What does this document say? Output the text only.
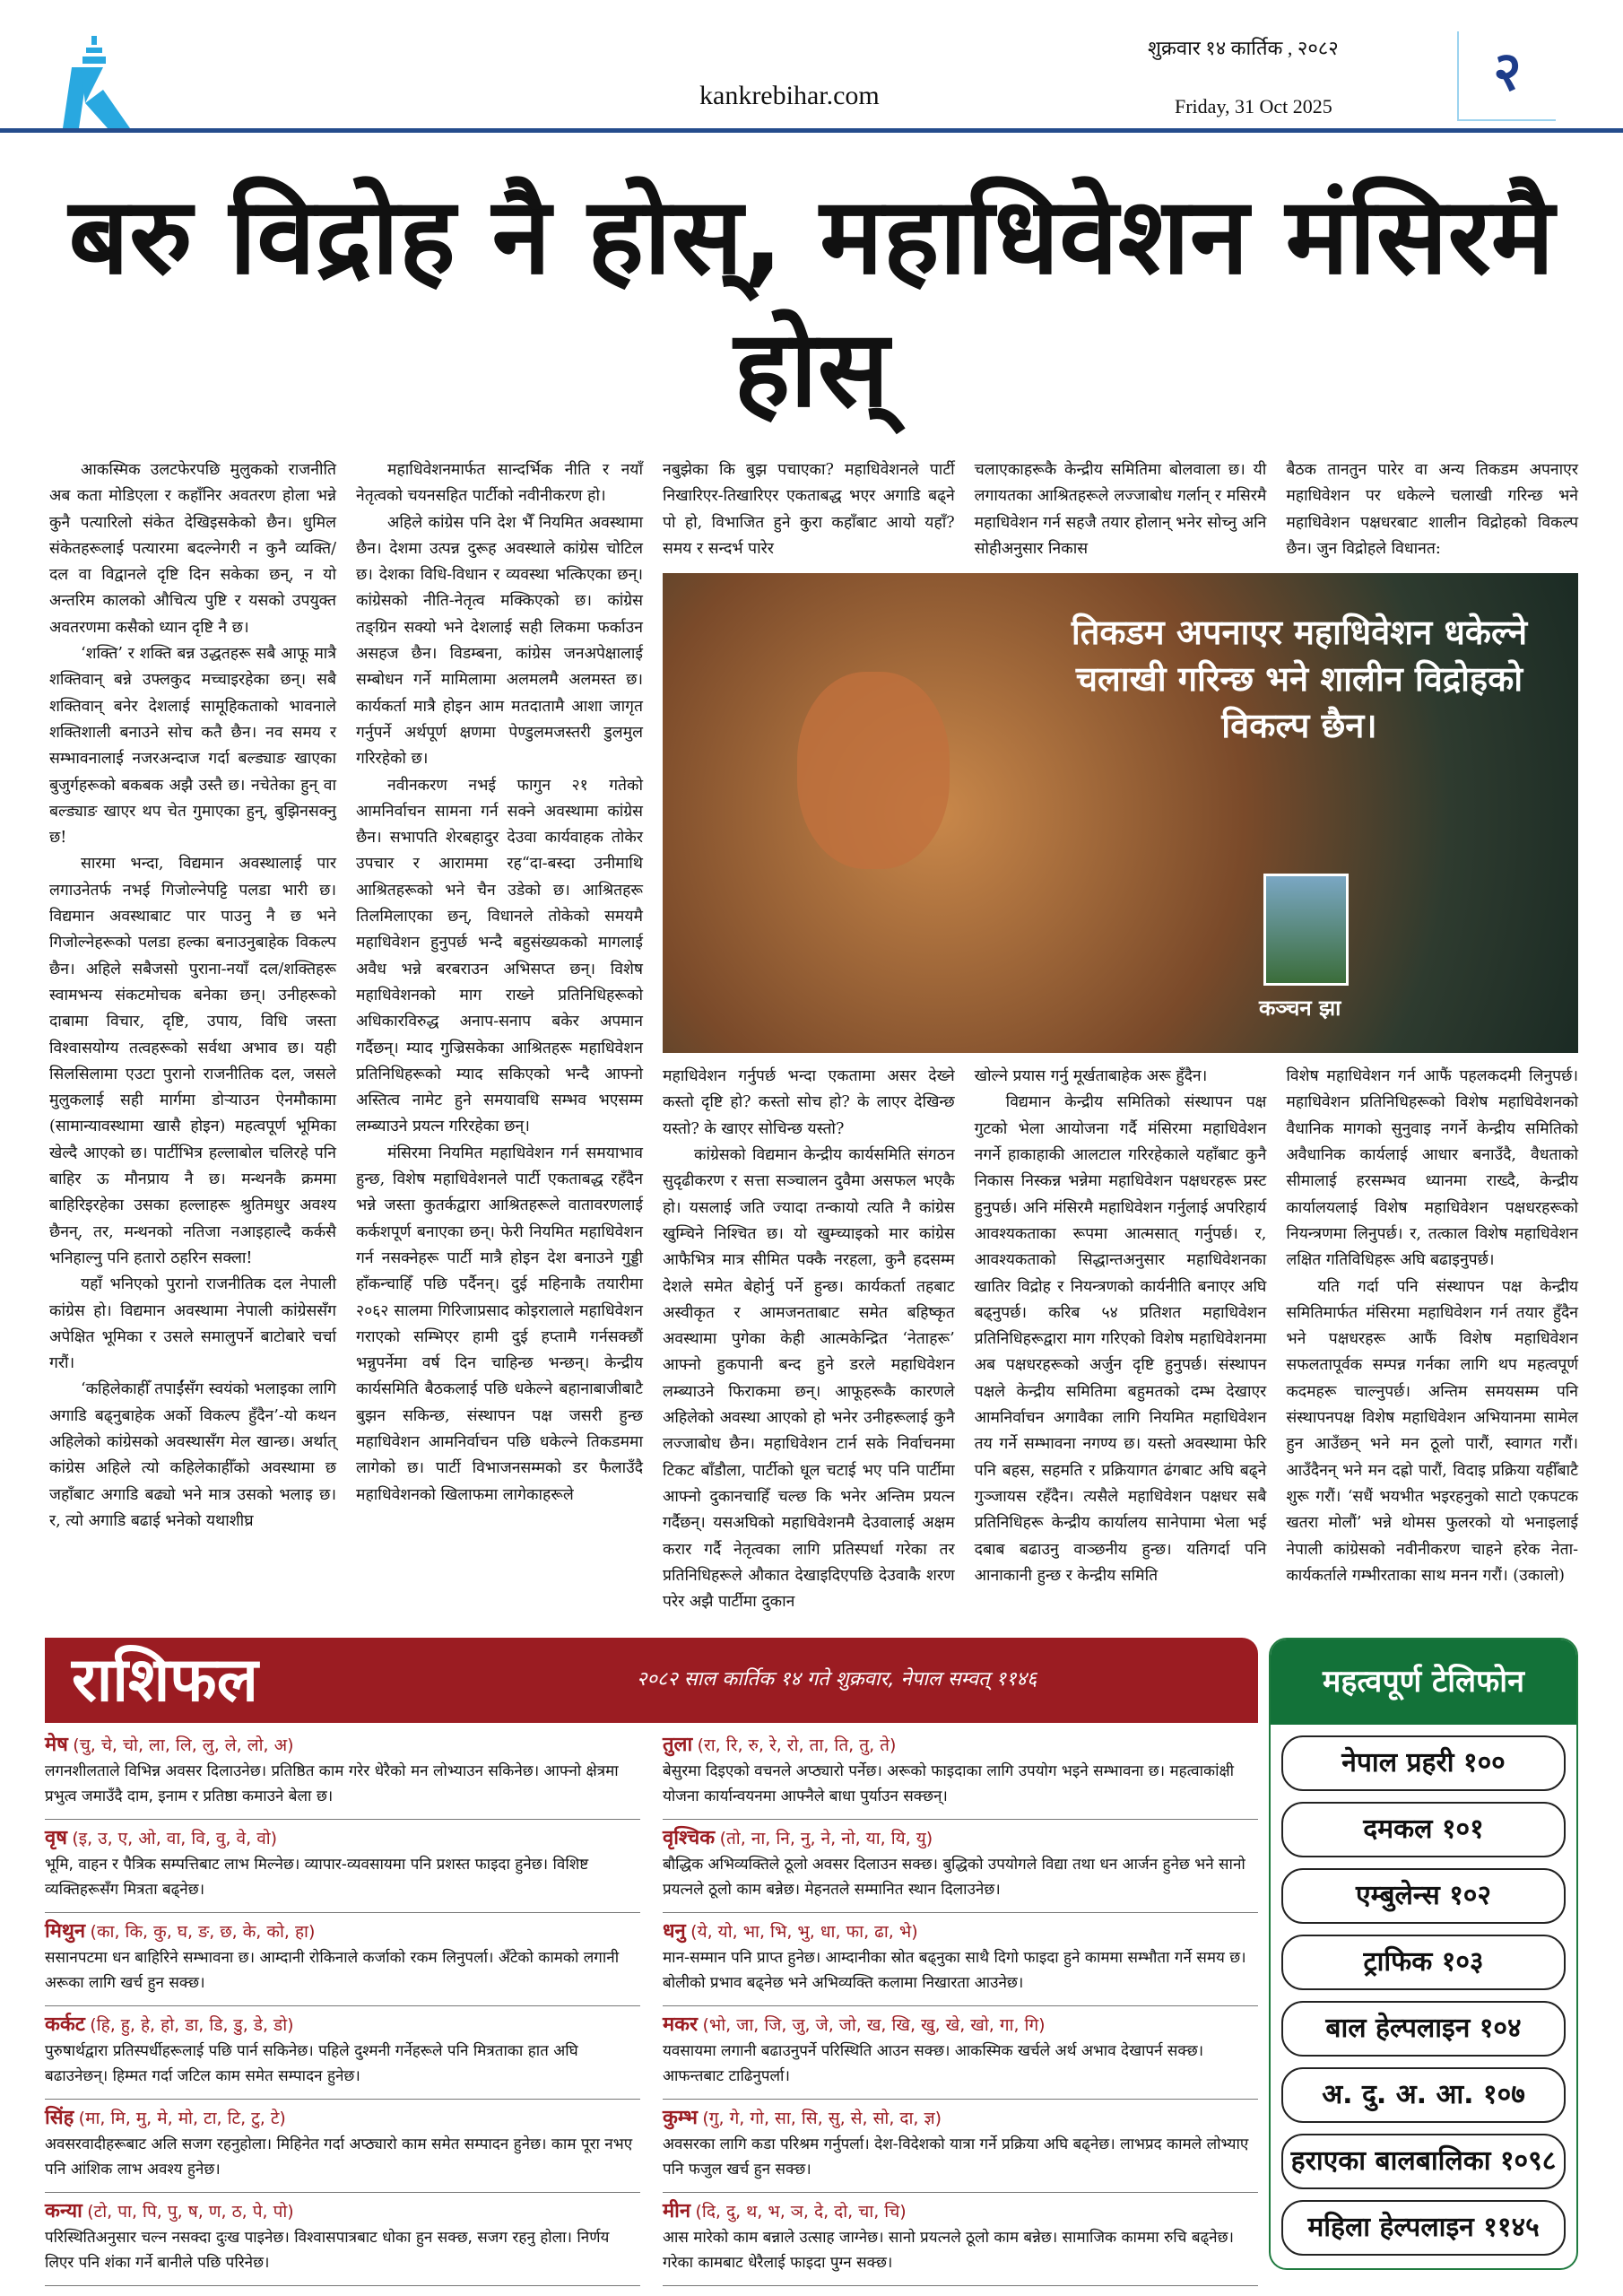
kankrebihar.com
शुक्रवार १४ कार्तिक , २०८२
Friday, 31 Oct 2025
२
बरु विद्रोह नै होस्, महाधिवेशन मंसिरमै होस्

आकस्मिक उलटफेरपछि मुलुकको राजनीति अब कता मोडिएला र कहाँनिर अवतरण होला भन्ने कुनै पत्यारिलो संकेत देखिइसकेको छैन। धुमिल संकेतहरूलाई पत्यारमा बदल्नेगरी न कुनै व्यक्ति/दल वा विद्वानले दृष्टि दिन सकेका छन्, न यो अन्तरिम कालको औचित्य पुष्टि र यसको उपयुक्त अवतरणमा कसैको ध्यान दृष्टि नै छ।

‘शक्ति’ र शक्ति बन्न उद्धतहरू सबै आफू मात्रै शक्तिवान् बन्ने उफ्लकुद मच्चाइरहेका छन्। सबै शक्तिवान् बनेर देशलाई सामूहिकताको भावनाले शक्तिशाली बनाउने सोच कतै छैन। नव समय र सम्भावनालाई नजरअन्दाज गर्दा बल्ड्याङ खाएका बुजुर्गहरूको बकबक अझै उस्तै छ। नचेतेका हुन् वा बल्ड्याङ खाएर थप चेत गुमाएका हुन्, बुझिनसक्नु छ!

सारमा भन्दा, विद्यमान अवस्थालाई पार लगाउनेतर्फ नभई गिजोल्नेपट्टि पलडा भारी छ। विद्यमान अवस्थाबाट पार पाउनु नै छ भने गिजोल्नेहरूको पलडा हल्का बनाउनुबाहेक विकल्प छैन। अहिले सबैजसो पुराना-नयाँ दल/शक्तिहरू स्वामभन्य संकटमोचक बनेका छन्। उनीहरूको दाबामा विचार, दृष्टि, उपाय, विधि जस्ता विश्वासयोग्य तत्वहरूको सर्वथा अभाव छ। यही सिलसिलामा एउटा पुरानो राजनीतिक दल, जसले मुलुकलाई सही मार्गमा डोऱ्याउन ऐनमौकामा (सामान्यावस्थामा खासै होइन) महत्वपूर्ण भूमिका खेल्दै आएको छ। पार्टीभित्र हल्लाबोल चलिरहे पनि बाहिर ऊ मौनप्राय नै छ। मन्थनकै क्रममा बाहिरिइरहेका उसका हल्लाहरू श्रुतिमधुर अवश्य छैनन्, तर, मन्थनको नतिजा नआइहाल्दै कर्कसै भनिहाल्नु पनि हतारो ठहरिन सक्ला!

यहाँ भनिएको पुरानो राजनीतिक दल नेपाली कांग्रेस हो। विद्यमान अवस्थामा नेपाली कांग्रेससँग अपेक्षित भूमिका र उसले समालुपर्ने बाटोबारे चर्चा गरौं।

‘कहिलेकाहीँ तपाईंसँग स्वयंको भलाइका लागि अगाडि बढ्नुबाहेक अर्को विकल्प हुँदैन’-यो कथन अहिलेको कांग्रेसको अवस्थासँग मेल खान्छ। अर्थात् कांग्रेस अहिले त्यो कहिलेकाहीँको अवस्थामा छ जहाँबाट अगाडि बढ्यो भने मात्र उसको भलाइ छ। र, त्यो अगाडि बढाई भनेको यथाशीघ्र

महाधिवेशनमार्फत सान्दर्भिक नीति र नयाँ नेतृत्वको चयनसहित पार्टीको नवीनीकरण हो।

अहिले कांग्रेस पनि देश भैँ नियमित अवस्थामा छैन। देशमा उत्पन्न दुरूह अवस्थाले कांग्रेस चोटिल छ। देशका विधि-विधान र व्यवस्था भत्किएका छन्। कांग्रेसको नीति-नेतृत्व मक्किएको छ। कांग्रेस तङ्ग्रिन सक्यो भने देशलाई सही लिकमा फर्काउन असहज छैन। विडम्बना, कांग्रेस जनअपेक्षालाई सम्बोधन गर्ने मामिलामा अलमलमै अलमस्त छ। कार्यकर्ता मात्रै होइन आम मतदातामै आशा जागृत गर्नुपर्ने अर्थपूर्ण क्षणमा पेण्डुलमजस्तरी डुलमुल गरिरहेको छ।

नवीनकरण नभई फागुन २१ गतेको आमनिर्वाचन सामना गर्न सक्ने अवस्थामा कांग्रेस छैन। सभापति शेरबहादुर देउवा कार्यवाहक तोकेर उपचार र आराममा रह“दा-बस्दा उनीमाथि आश्रितहरूको भने चैन उडेको छ। आश्रितहरू तिलमिलाएका छन्, विधानले तोकेको समयमै महाधिवेशन हुनुपर्छ भन्दै बहुसंख्यकको मागलाई अवैध भन्ने बरबराउन अभिसप्त छन्। विशेष महाधिवेशनको माग राख्ने प्रतिनिधिहरूको अधिकारविरुद्ध अनाप-सनाप बकेर अपमान गर्दैछन्। म्याद गुज्रिसकेका आश्रितहरू महाधिवेशन प्रतिनिधिहरूको म्याद सकिएको भन्दै आफ्नो अस्तित्व नामेट हुने समयावधि सम्भव भएसम्म लम्ब्याउने प्रयत्न गरिरहेका छन्।

मंसिरमा नियमित महाधिवेशन गर्न समयाभाव हुन्छ, विशेष महाधिवेशनले पार्टी एकताबद्ध रहँदैन भन्ने जस्ता कुतर्कद्वारा आश्रितहरूले वातावरणलाई कर्कशपूर्ण बनाएका छन्। फेरी नियमित महाधिवेशन गर्न नसक्नेहरू पार्टी मात्रै होइन देश बनाउने गुड्डी हाँकन्चाहिँ पछि पर्दैनन्। दुई महिनाकै तयारीमा २०६२ सालमा गिरिजाप्रसाद कोइरालाले महाधिवेशन गराएको सम्भिएर हामी दुई हप्तामै गर्नसक्छौं भन्नुपर्नेमा वर्ष दिन चाहिन्छ भन्छन्। केन्द्रीय कार्यसमिति बैठकलाई पछि धकेल्ने बहानाबाजीबाटै बुझन सकिन्छ, संस्थापन पक्ष जसरी हुन्छ महाधिवेशन आमनिर्वाचन पछि धकेल्ने तिकडममा लागेको छ। पार्टी विभाजनसम्मको डर फैलाउँदै महाधिवेशनको खिलाफमा लागेकाहरूले

नबुझेका कि बुझ पचाएका? महाधिवेशनले पार्टी निखारिएर-तिखारिएर एकताबद्ध भएर अगाडि बढ्ने पो हो, विभाजित हुने कुरा कहाँबाट आयो यहाँ? समय र सन्दर्भ पारेर

चलाएकाहरूकै केन्द्रीय समितिमा बोलवाला छ। यी लगायतका आश्रितहरूले लज्जाबोध गर्लान् र मसिरमै महाधिवेशन गर्न सहजै तयार होलान् भनेर सोच्नु अनि सोहीअनुसार निकास

बैठक तानतुन पारेर वा अन्य तिकडम अपनाएर महाधिवेशन पर धकेल्ने चलाखी गरिन्छ भने महाधिवेशन पक्षधरबाट शालीन विद्रोहको विकल्प छैन। जुन विद्रोहले विधानत:

तिकडम अपनाएर महाधिवेशन धकेल्ने चलाखी गरिन्छ भने शालीन विद्रोहको विकल्प छैन।
कञ्चन झा

महाधिवेशन गर्नुपर्छ भन्दा एकतामा असर देख्ने कस्तो दृष्टि हो? कस्तो सोच हो? के लाएर देखिन्छ यस्तो? के खाएर सोचिन्छ यस्तो?

कांग्रेसको विद्यमान केन्द्रीय कार्यसमिति संगठन सुदृढीकरण र सत्ता सञ्चालन दुवैमा असफल भएकै हो। यसलाई जति ज्यादा तन्कायो त्यति नै कांग्रेस खुम्चिने निश्चित छ। यो खुम्च्याइको मार कांग्रेस आफैभित्र मात्र सीमित पक्कै नरहला, कुनै हदसम्म देशले समेत बेहोर्नु पर्ने हुन्छ। कार्यकर्ता तहबाट अस्वीकृत र आमजनताबाट समेत बहिष्कृत अवस्थामा पुगेका केही आत्मकेन्द्रित ‘नेताहरू’ आफ्नो हुकपानी बन्द हुने डरले महाधिवेशन लम्ब्याउने फिराकमा छन्। आफूहरूकै कारणले अहिलेको अवस्था आएको हो भनेर उनीहरूलाई कुनै लज्जाबोध छैन। महाधिवेशन टार्न सके निर्वाचनमा टिकट बाँडौला, पार्टीको धूल चटाई भए पनि पार्टीमा आफ्नो दुकानचाहिँ चल्छ कि भनेर अन्तिम प्रयत्न गर्दैछन्। यसअघिको महाधिवेशनमै देउवालाई अक्षम करार गर्दै नेतृत्वका लागि प्रतिस्पर्धा गरेका तर प्रतिनिधिहरूले औकात देखाइदिएपछि देउवाकै शरण परेर अझै पार्टीमा दुकान

खोल्ने प्रयास गर्नु मूर्खताबाहेक अरू हुँदैन।

विद्यमान केन्द्रीय समितिको संस्थापन पक्ष गुटको भेला आयोजना गर्दै मंसिरमा महाधिवेशन नगर्ने हाकाहाकी आलटाल गरिरहेकाले यहाँबाट कुनै निकास निस्कन्न भन्नेमा महाधिवेशन पक्षधरहरू प्रस्ट हुनुपर्छ। अनि मंसिरमै महाधिवेशन गर्नुलाई अपरिहार्य आवश्यकताका रूपमा आत्मसात् गर्नुपर्छ। र, आवश्यकताको सिद्धान्तअनुसार महाधिवेशनका खातिर विद्रोह र नियन्त्रणको कार्यनीति बनाएर अघि बढ्नुपर्छ। करिब ५४ प्रतिशत महाधिवेशन प्रतिनिधिहरूद्वारा माग गरिएको विशेष महाधिवेशनमा अब पक्षधरहरूको अर्जुन दृष्टि हुनुपर्छ। संस्थापन पक्षले केन्द्रीय समितिमा बहुमतको दम्भ देखाएर आमनिर्वाचन अगावैका लागि नियमित महाधिवेशन तय गर्ने सम्भावना नगण्य छ। यस्तो अवस्थामा फेरि पनि बहस, सहमति र प्रक्रियागत ढंगबाट अघि बढ्ने गुञ्जायस रहँदैन। त्यसैले महाधिवेशन पक्षधर सबै प्रतिनिधिहरू केन्द्रीय कार्यालय सानेपामा भेला भई दबाब बढाउनु वाञ्छनीय हुन्छ। यतिगर्दा पनि आनाकानी हुन्छ र केन्द्रीय समिति

विशेष महाधिवेशन गर्न आफैं पहलकदमी लिनुपर्छ। महाधिवेशन प्रतिनिधिहरूको विशेष महाधिवेशनको वैधानिक मागको सुनुवाइ नगर्ने केन्द्रीय समितिको अवैधानिक कार्यलाई आधार बनाउँदै, वैधताको सीमालाई हरसम्भव ध्यानमा राख्दै, केन्द्रीय कार्यालयलाई विशेष महाधिवेशन पक्षधरहरूको नियन्त्रणमा लिनुपर्छ। र, तत्काल विशेष महाधिवेशन लक्षित गतिविधिहरू अघि बढाइनुपर्छ।

यति गर्दा पनि संस्थापन पक्ष केन्द्रीय समितिमार्फत मंसिरमा महाधिवेशन गर्न तयार हुँदैन भने पक्षधरहरू आफैं विशेष महाधिवेशन सफलतापूर्वक सम्पन्न गर्नका लागि थप महत्वपूर्ण कदमहरू चाल्नुपर्छ। अन्तिम समयसम्म पनि संस्थापनपक्ष विशेष महाधिवेशन अभियानमा सामेल हुन आउँछन् भने मन ठूलो पारौं, स्वागत गरौं। आउँदैनन् भने मन दह्रो पारौं, विदाइ प्रक्रिया यहीँबाटै शुरू गरौं। ‘सधैं भयभीत भइरहनुको साटो एकपटक खतरा मोलौं’ भन्ने थोमस फुलरको यो भनाइलाई नेपाली कांग्रेसको नवीनीकरण चाहने हरेक नेता-कार्यकर्ताले गम्भीरताका साथ मनन गरौं। (उकालो)

राशिफल	२०८२ साल कार्तिक १४ गते शुक्रवार, नेपाल सम्वत् ११४६
मेष (चु, चे, चो, ला, लि, लु, ले, लो, अ)
लगनशीलताले विभिन्न अवसर दिलाउनेछ। प्रतिष्ठित काम गरेर धेरैको मन लोभ्याउन सकिनेछ। आफ्नो क्षेत्रमा प्रभुत्व जमाउँदै दाम, इनाम र प्रतिष्ठा कमाउने बेला छ।
वृष (इ, उ, ए, ओ, वा, वि, वु, वे, वो)
भूमि, वाहन र पैत्रिक सम्पत्तिबाट लाभ मिल्नेछ। व्यापार-व्यवसायमा पनि प्रशस्त फाइदा हुनेछ। विशिष्ट व्यक्तिहरूसँग मित्रता बढ्नेछ।
मिथुन (का, कि, कु, घ, ङ, छ, के, को, हा)
ससानपटमा धन बाहिरिने सम्भावना छ। आम्दानी रोकिनाले कर्जाको रकम लिनुपर्ला। अँटेको कामको लगानी अरूका लागि खर्च हुन सक्छ।
कर्कट (हि, हु, हे, हो, डा, डि, डु, डे, डो)
पुरुषार्थद्वारा प्रतिस्पर्धीहरूलाई पछि पार्न सकिनेछ। पहिले दुश्मनी गर्नेहरूले पनि मित्रताका हात अघि बढाउनेछन्। हिम्मत गर्दा जटिल काम समेत सम्पादन हुनेछ।
सिंह (मा, मि, मु, मे, मो, टा, टि, टु, टे)
अवसरवादीहरूबाट अलि सजग रहनुहोला। मिहिनेत गर्दा अप्ठ्यारो काम समेत सम्पादन हुनेछ। काम पूरा नभए पनि आंशिक लाभ अवश्य हुनेछ।
कन्या (टो, पा, पि, पु, ष, ण, ठ, पे, पो)
परिस्थितिअनुसार चल्न नसक्दा दुःख पाइनेछ। विश्वासपात्रबाट धोका हुन सक्छ, सजग रहनु होला। निर्णय लिएर पनि शंका गर्ने बानीले पछि परिनेछ।
तुला (रा, रि, रु, रे, रो, ता, ति, तु, ते)
बेसुरमा दिइएको वचनले अप्ठ्यारो पर्नेछ। अरूको फाइदाका लागि उपयोग भइने सम्भावना छ। महत्वाकांक्षी योजना कार्यान्वयनमा आफ्नैले बाधा पुर्याउन सक्छन्।
वृश्चिक (तो, ना, नि, नु, ने, नो, या, यि, यु)
बौद्धिक अभिव्यक्तिले ठूलो अवसर दिलाउन सक्छ। बुद्धिको उपयोगले विद्या तथा धन आर्जन हुनेछ भने सानो प्रयत्नले ठूलो काम बन्नेछ। मेहनतले सम्मानित स्थान दिलाउनेछ।
धनु (ये, यो, भा, भि, भु, धा, फा, ढा, भे)
मान-सम्मान पनि प्राप्त हुनेछ। आम्दानीका स्रोत बढ्नुका साथै दिगो फाइदा हुने काममा सम्भौता गर्ने समय छ। बोलीको प्रभाव बढ्नेछ भने अभिव्यक्ति कलामा निखारता आउनेछ।
मकर (भो, जा, जि, जु, जे, जो, ख, खि, खु, खे, खो, गा, गि)
यवसायमा लगानी बढाउनुपर्ने परिस्थिति आउन सक्छ। आकस्मिक खर्चले अर्थ अभाव देखापर्न सक्छ। आफन्तबाट टाढिनुपर्ला।
कुम्भ (गु, गे, गो, सा, सि, सु, से, सो, दा, ज्ञ)
अवसरका लागि कडा परिश्रम गर्नुपर्ला। देश-विदेशको यात्रा गर्ने प्रक्रिया अघि बढ्नेछ। लाभप्रद कामले लोभ्याए पनि फजुल खर्च हुन सक्छ।
मीन (दि, दु, थ, भ, ञ, दे, दो, चा, चि)
आस मारेको काम बन्नाले उत्साह जाग्नेछ। सानो प्रयत्नले ठूलो काम बन्नेछ। सामाजिक काममा रुचि बढ्नेछ। गरेका कामबाट धेरैलाई फाइदा पुग्न सक्छ।
महत्वपूर्ण टेलिफोन
नेपाल प्रहरी १००
दमकल १०१
एम्बुलेन्स १०२
ट्राफिक १०३
बाल हेल्पलाइन १०४
अ. दु. अ. आ. १०७
हराएका बालबालिका १०९८
महिला हेल्पलाइन ११४५
